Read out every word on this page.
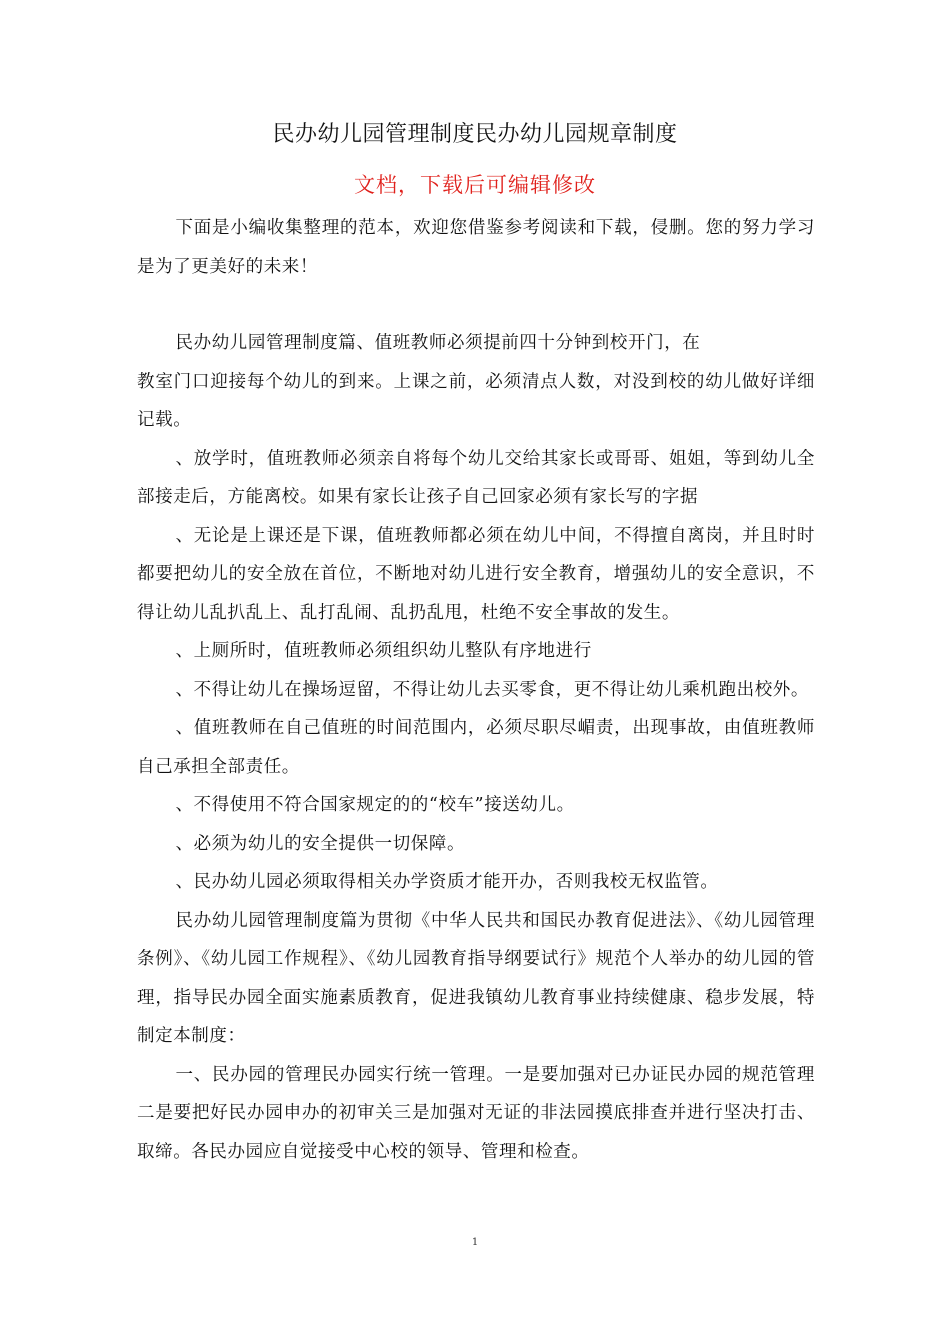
民办幼儿园管理制度民办幼儿园规章制度
文档，下载后可编辑修改

下面是小编收集整理的范本，欢迎您借鉴参考阅读和下载，侵删。您的努力学习是为了更美好的未来！

民办幼儿园管理制度篇、值班教师必须提前四十分钟到校开门，在

教室门口迎接每个幼儿的到来。上课之前，必须清点人数，对没到校的幼儿做好详细记载。

、放学时，值班教师必须亲自将每个幼儿交给其家长或哥哥、姐姐，等到幼儿全部接走后，方能离校。如果有家长让孩子自己回家必须有家长写的字据

、无论是上课还是下课，值班教师都必须在幼儿中间，不得擅自离岗，并且时时都要把幼儿的安全放在首位，不断地对幼儿进行安全教育，增强幼儿的安全意识，不得让幼儿乱扒乱上、乱打乱闹、乱扔乱甩，杜绝不安全事故的发生。

、上厕所时，值班教师必须组织幼儿整队有序地进行

、不得让幼儿在操场逗留，不得让幼儿去买零食，更不得让幼儿乘机跑出校外。

、值班教师在自己值班的时间范围内，必须尽职尽嵋责，出现事故，由值班教师自己承担全部责任。

、不得使用不符合国家规定的的“校车”接送幼儿。

、必须为幼儿的安全提供一切保障。

、民办幼儿园必须取得相关办学资质才能开办，否则我校无权监管。

民办幼儿园管理制度篇为贯彻《中华人民共和国民办教育促进法》、《幼儿园管理条例》、《幼儿园工作规程》、《幼儿园教育指导纲要试行》规范个人举办的幼儿园的管理，指导民办园全面实施素质教育，促进我镇幼儿教育事业持续健康、稳步发展，特制定本制度：

一、民办园的管理民办园实行统一管理。一是要加强对已办证民办园的规范管理二是要把好民办园申办的初审关三是加强对无证的非法园摸底排查并进行坚决打击、取缔。各民办园应自觉接受中心校的领导、管理和检查。

1
